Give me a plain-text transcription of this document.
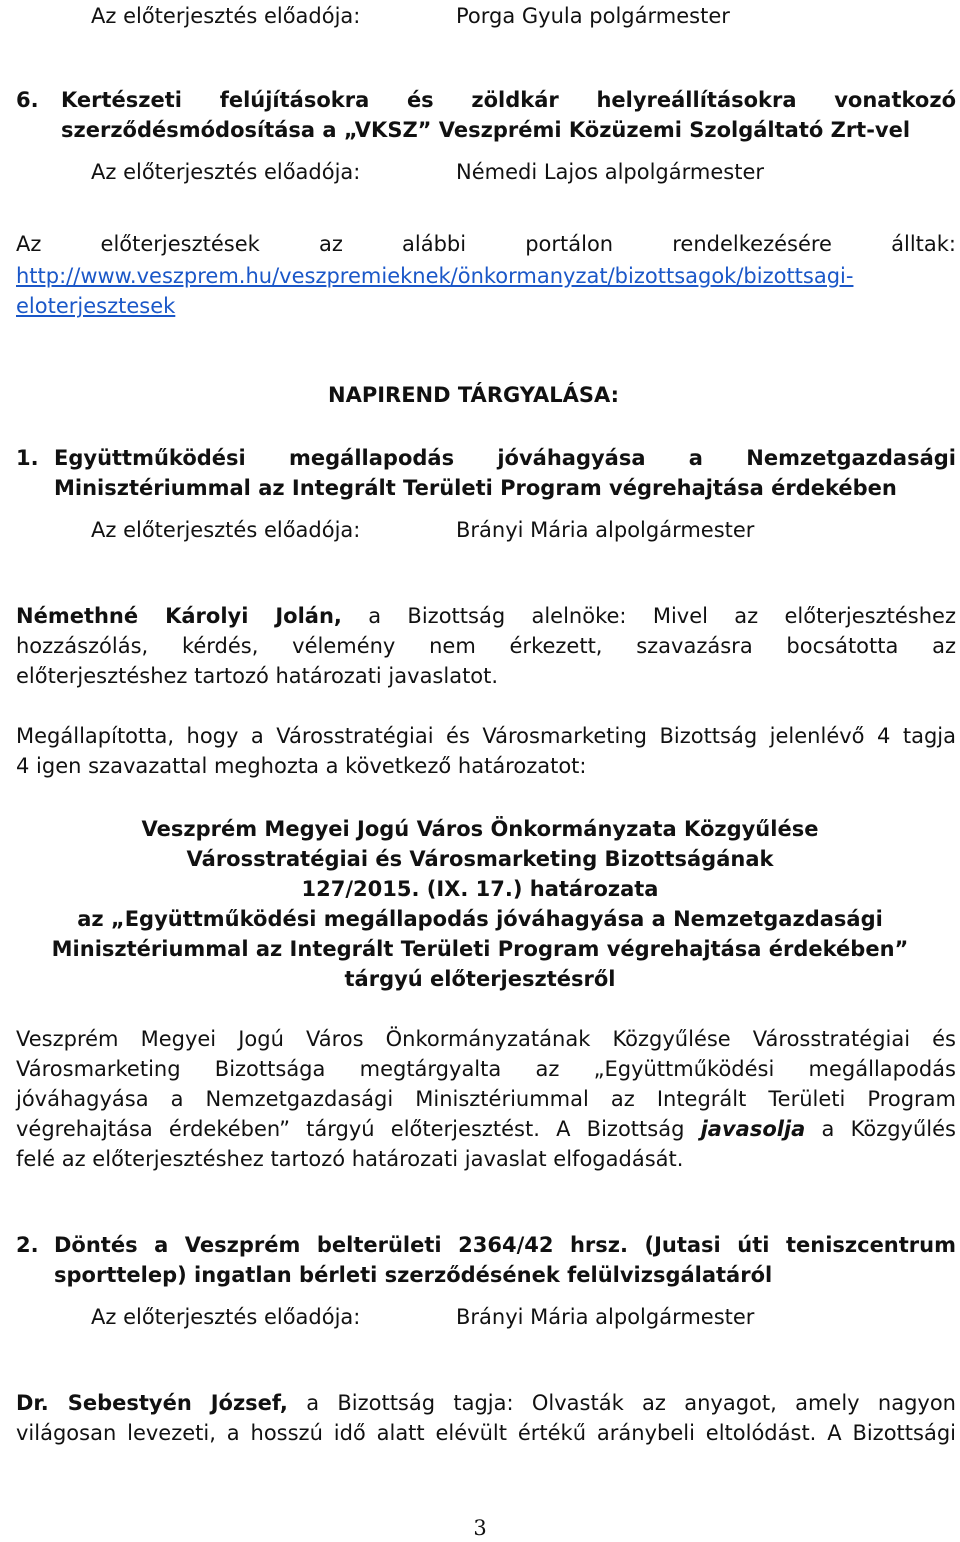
Az előterjesztés előadója:	Porga Gyula polgármester
6. Kertészeti felújításokra és zöldkár helyreállításokra vonatkozó
szerződésmódosítása a „VKSZ” Veszprémi Közüzemi Szolgáltató Zrt-vel
Az előterjesztés előadója:	Némedi Lajos alpolgármester
Az előterjesztések az alábbi portálon rendelkezésére álltak:
http://www.veszprem.hu/veszpremieknek/önkormanyzat/bizottsagok/bizottsagi-
eloterjesztesek
NAPIREND TÁRGYALÁSA:
1. Együttműködési megállapodás jóváhagyása a Nemzetgazdasági
Minisztériummal az Integrált Területi Program végrehajtása érdekében
Az előterjesztés előadója:	Brányi Mária alpolgármester
Némethné Károlyi Jolán, a Bizottság alelnöke: Mivel az előterjesztéshez
hozzászólás, kérdés, vélemény nem érkezett, szavazásra bocsátotta az
előterjesztéshez tartozó határozati javaslatot.
Megállapította, hogy a Városstratégiai és Városmarketing Bizottság jelenlévő 4 tagja
4 igen szavazattal meghozta a következő határozatot:
Veszprém Megyei Jogú Város Önkormányzata Közgyűlése
Városstratégiai és Városmarketing Bizottságának
127/2015. (IX. 17.) határozata
az „Együttműködési megállapodás jóváhagyása a Nemzetgazdasági
Minisztériummal az Integrált Területi Program végrehajtása érdekében”
tárgyú előterjesztésről
Veszprém Megyei Jogú Város Önkormányzatának Közgyűlése Városstratégiai és
Városmarketing Bizottsága megtárgyalta az „Együttműködési megállapodás
jóváhagyása a Nemzetgazdasági Minisztériummal az Integrált Területi Program
végrehajtása érdekében” tárgyú előterjesztést. A Bizottság javasolja a Közgyűlés
felé az előterjesztéshez tartozó határozati javaslat elfogadását.
2. Döntés a Veszprém belterületi 2364/42 hrsz. (Jutasi úti teniszcentrum
sporttelep) ingatlan bérleti szerződésének felülvizsgálatáról
Az előterjesztés előadója:	Brányi Mária alpolgármester
Dr. Sebestyén József, a Bizottság tagja: Olvasták az anyagot, amely nagyon
világosan levezeti, a hosszú idő alatt elévült értékű aránybeli eltolódást. A Bizottsági
3
